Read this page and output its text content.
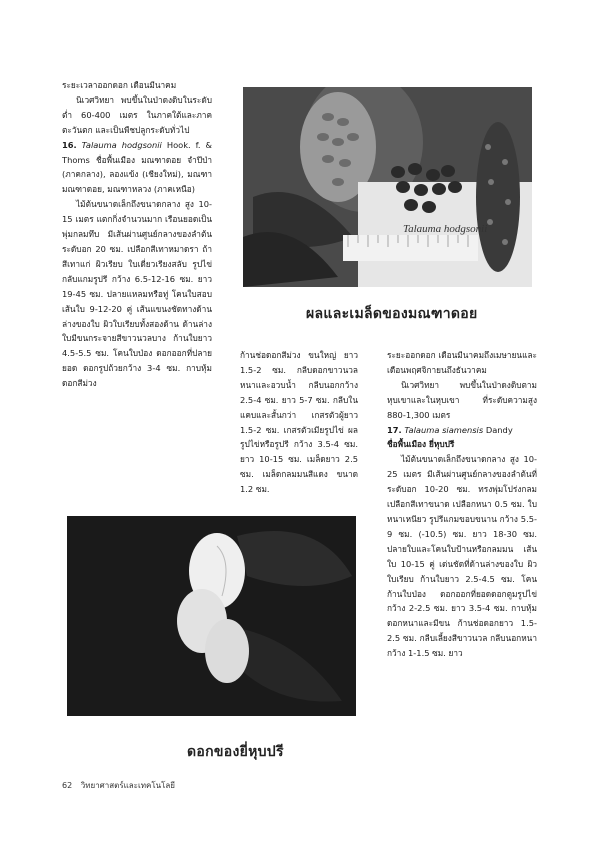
ระยะเวลาออกดอก เดือนมีนาคม

นิเวศวิทยา พบขึ้นในป่าดงดิบในระดับต่ำ 60-400 เมตร ในภาคใต้และภาคตะวันตก และเป็นพืชปลูกระดับทั่วไป

16. Talauma hodgsonii Hook. f. & Thoms ชื่อพื้นเมือง มณฑาดอย จำปีป่า (ภาคกลาง), ลองแข้ง (เชียงใหม่), มณฑา มณฑาดอย, มณฑาหลวง (ภาคเหนือ)

ไม้ต้นขนาดเล็กถึงขนาดกลาง สูง 10-15 เมตร แตกกิ่งจำนวนมาก เรือนยอดเป็นพุ่มกลมทึบ มีเส้นผ่านศูนย์กลางของลำต้นระดับอก 20 ซม. เปลือกสีเทาหมาดรา ถ้าสีเทาแก่ ผิวเรียบ ใบเดี่ยวเรียงสลับ รูปไข่กลับแกมรูปรี กว้าง 6.5-12-16 ซม. ยาว 19-45 ซม. ปลายแหลมหรือทู่ โคนใบสอบ เส้นใบ 9-12-20 คู่ เส้นแขนงชัดทางด้านล่างของใบ ผิวใบเรียบทั้งสองด้าน ด้านล่างใบมีขนกระจายสีขาวนวลบาง ก้านใบยาว 4.5-5.5 ซม. โคนใบป่อง ดอกออกที่ปลายยอด ดอกรูปถ้วยกว้าง 3-4 ซม. กาบหุ้มดอกสีม่วง

Talauma hodgsonii
ผลและเมล็ดของมณฑาดอย

ก้านช่อดอกสีม่วง ขนใหญ่ ยาว 1.5-2 ซม. กลีบดอกขาวนวล หนาและอวบน้ำ กลีบนอกกว้าง 2.5-4 ซม. ยาว 5-7 ซม. กลีบในแคบและสั้นกว่า เกสรตัวผู้ยาว 1.5-2 ซม. เกสรตัวเมียรูปไข่ ผลรูปไข่หรือรูปรี กว้าง 3.5-4 ซม. ยาว 10-15 ซม. เมล็ดยาว 2.5 ซม. เมล็ดกลมมนสีแดง ขนาด 1.2 ซม.

ระยะออกดอก เดือนมีนาคมถึงเมษายนและเดือนพฤศจิกายนถึงธันวาคม

นิเวศวิทยา พบขึ้นในป่าดงดิบตามหุบเขาและในหุบเขา ที่ระดับความสูง 880-1,300 เมตร

17. Talauma siamensis Dandy
ชื่อพื้นเมือง ยี่หุบปรี

ไม้ต้นขนาดเล็กถึงขนาดกลาง สูง 10-25 เมตร มีเส้นผ่านศูนย์กลางของลำต้นที่ระดับอก 10-20 ซม. ทรงพุ่มโปร่งกลม เปลือกสีเทาขนาด เปลือกหนา 0.5 ซม. ใบหนาเหนียว รูปรีแกมขอบขนาน กว้าง 5.5-9 ซม. (-10.5) ซม. ยาว 18-30 ซม. ปลายใบและโคนใบป้านหรือกลมมน เส้นใบ 10-15 คู่ เด่นชัดที่ด้านล่างของใบ ผิวใบเรียบ ก้านใบยาว 2.5-4.5 ซม. โคนก้านใบป่อง ดอกออกที่ยอดดอกตูมรูปไข่ กว้าง 2-2.5 ซม. ยาว 3.5-4 ซม. กาบหุ้มดอกหนาและมีขน ก้านช่อดอกยาว 1.5-2.5 ซม. กลีบเลี้ยงสีขาวนวล กลีบนอกหนา กว้าง 1-1.5 ซม. ยาว

ดอกของยี่หุบปรี
62 วิทยาศาสตร์และเทคโนโลยี
